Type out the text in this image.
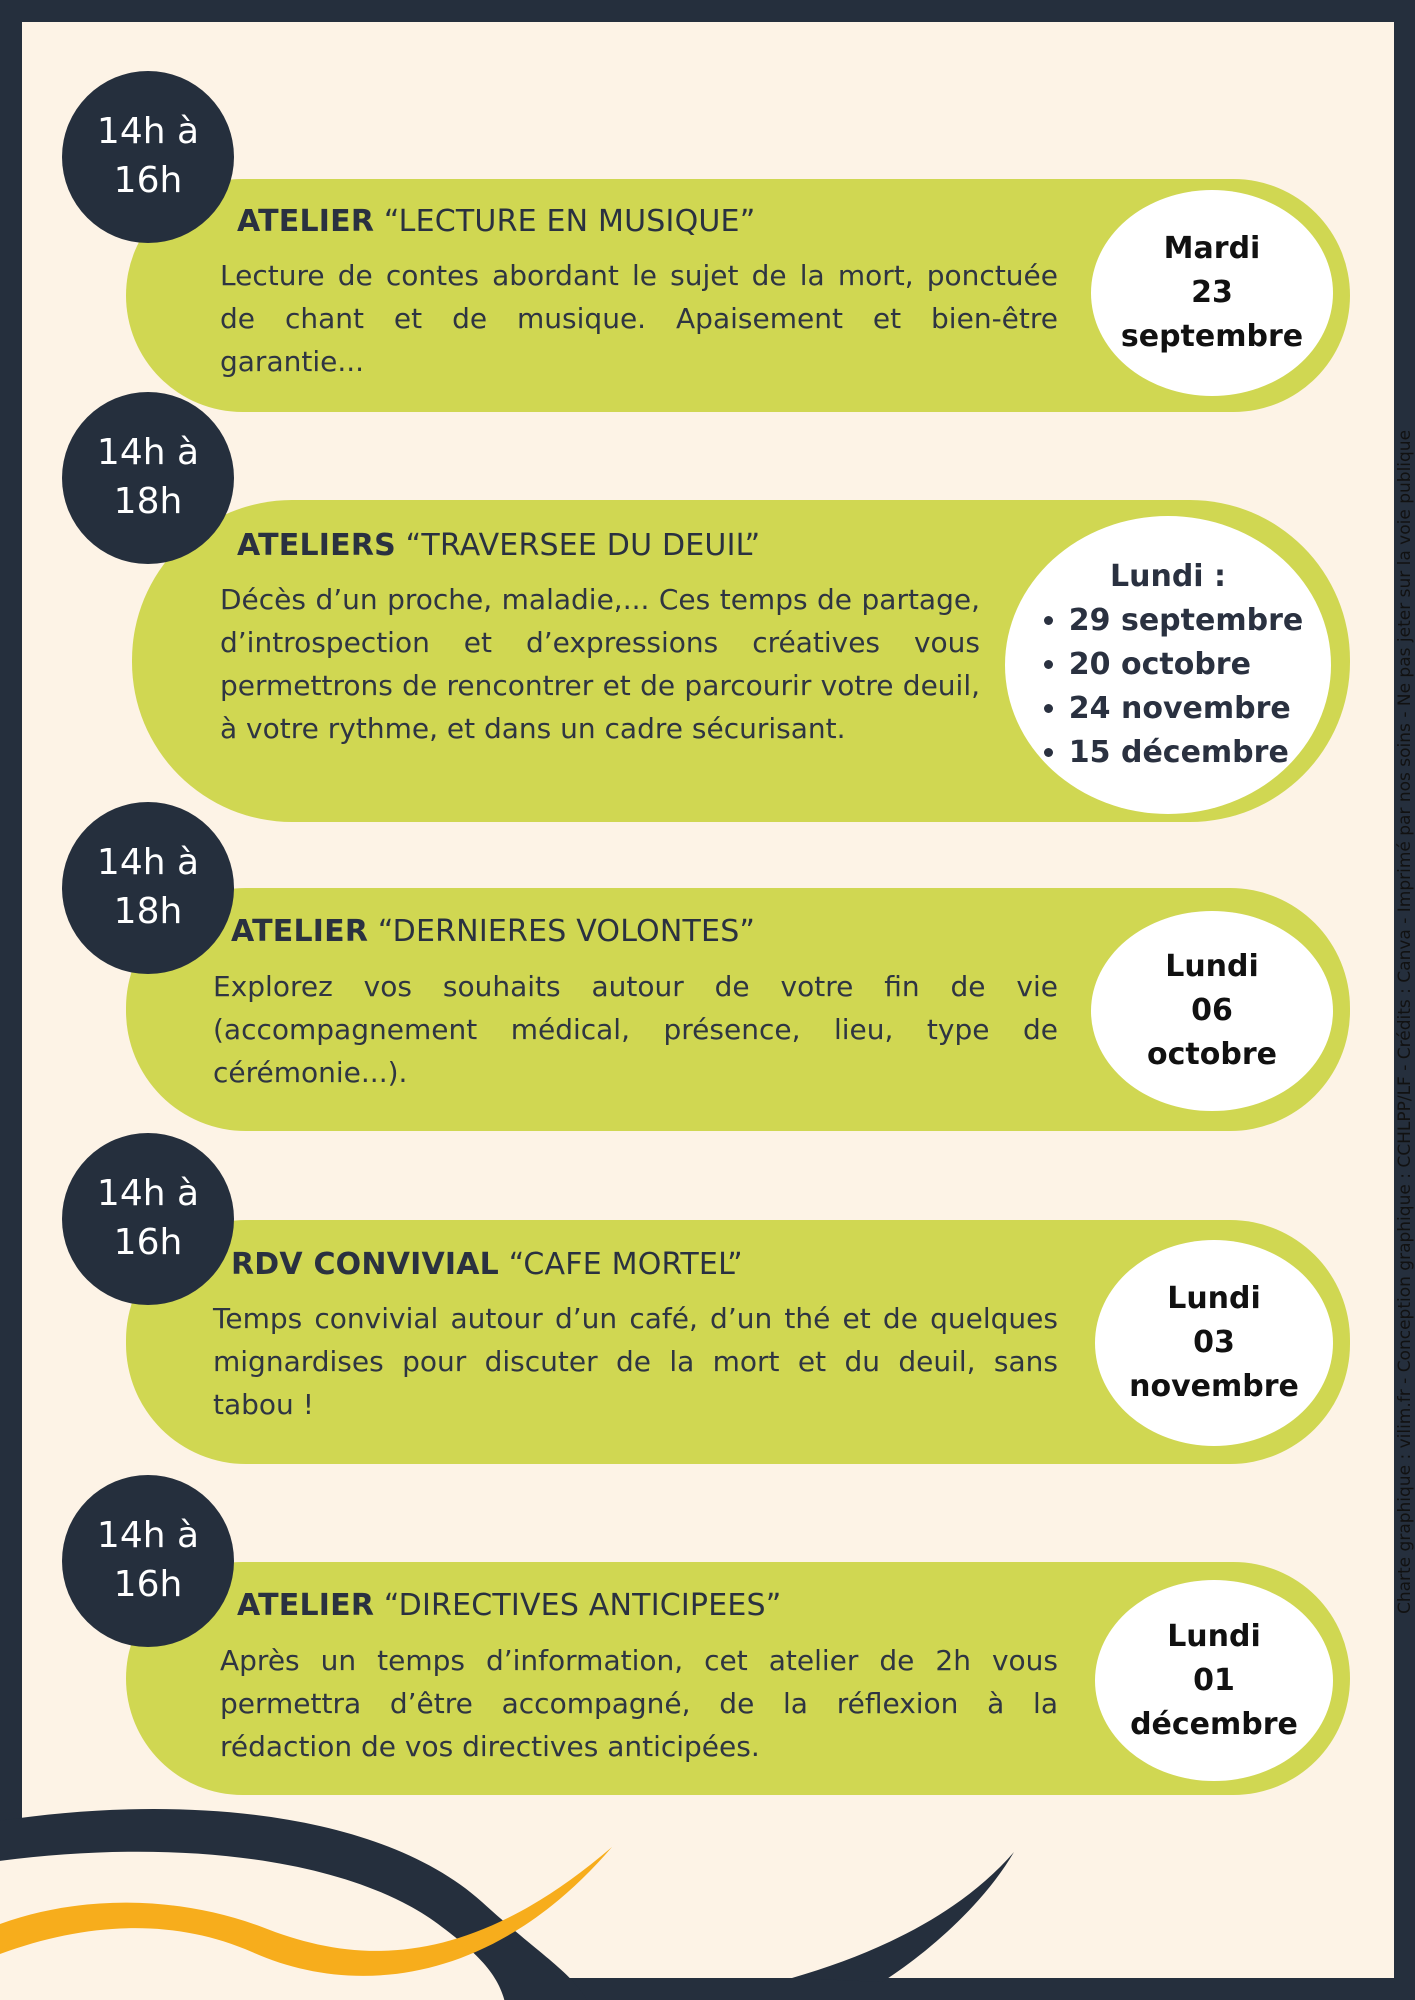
14h à
16h
ATELIER “LECTURE EN MUSIQUE”

Lecture de contes abordant le sujet de la mort, ponctuée de chant et de musique. Apaisement et bien-être garantie...

Mardi
23
septembre
14h à
18h
ATELIERS “TRAVERSEE DU DEUIL”

Décès d’un proche, maladie,... Ces temps de partage, d’introspection et d’expressions créatives vous permettrons de rencontrer et de parcourir votre deuil, à votre rythme, et dans un cadre sécurisant.

Lundi :
• 29 septembre
• 20 octobre
• 24 novembre
• 15 décembre
14h à
18h	ATELIER “DERNIERES VOLONTES”

Explorez vos souhaits autour de votre fin de vie (accompagnement médical, présence, lieu, type de cérémonie...).

Lundi
06
octobre
14h à
16h
RDV CONVIVIAL “CAFE MORTEL”

Temps convivial autour d’un café, d’un thé et de quelques mignardises pour discuter de la mort et du deuil, sans tabou !

Lundi
03
novembre
14h à
16h
ATELIER “DIRECTIVES ANTICIPEES”

Après un temps d’information, cet atelier de 2h vous permettra d’être accompagné, de la réflexion à la rédaction de vos directives anticipées.

Lundi
01
décembre
Charte graphique : vilim.fr - Conception graphique : CCHLPP/LF - Crédits : Canva - Imprimé par nos soins - Ne pas jeter sur la voie publique
